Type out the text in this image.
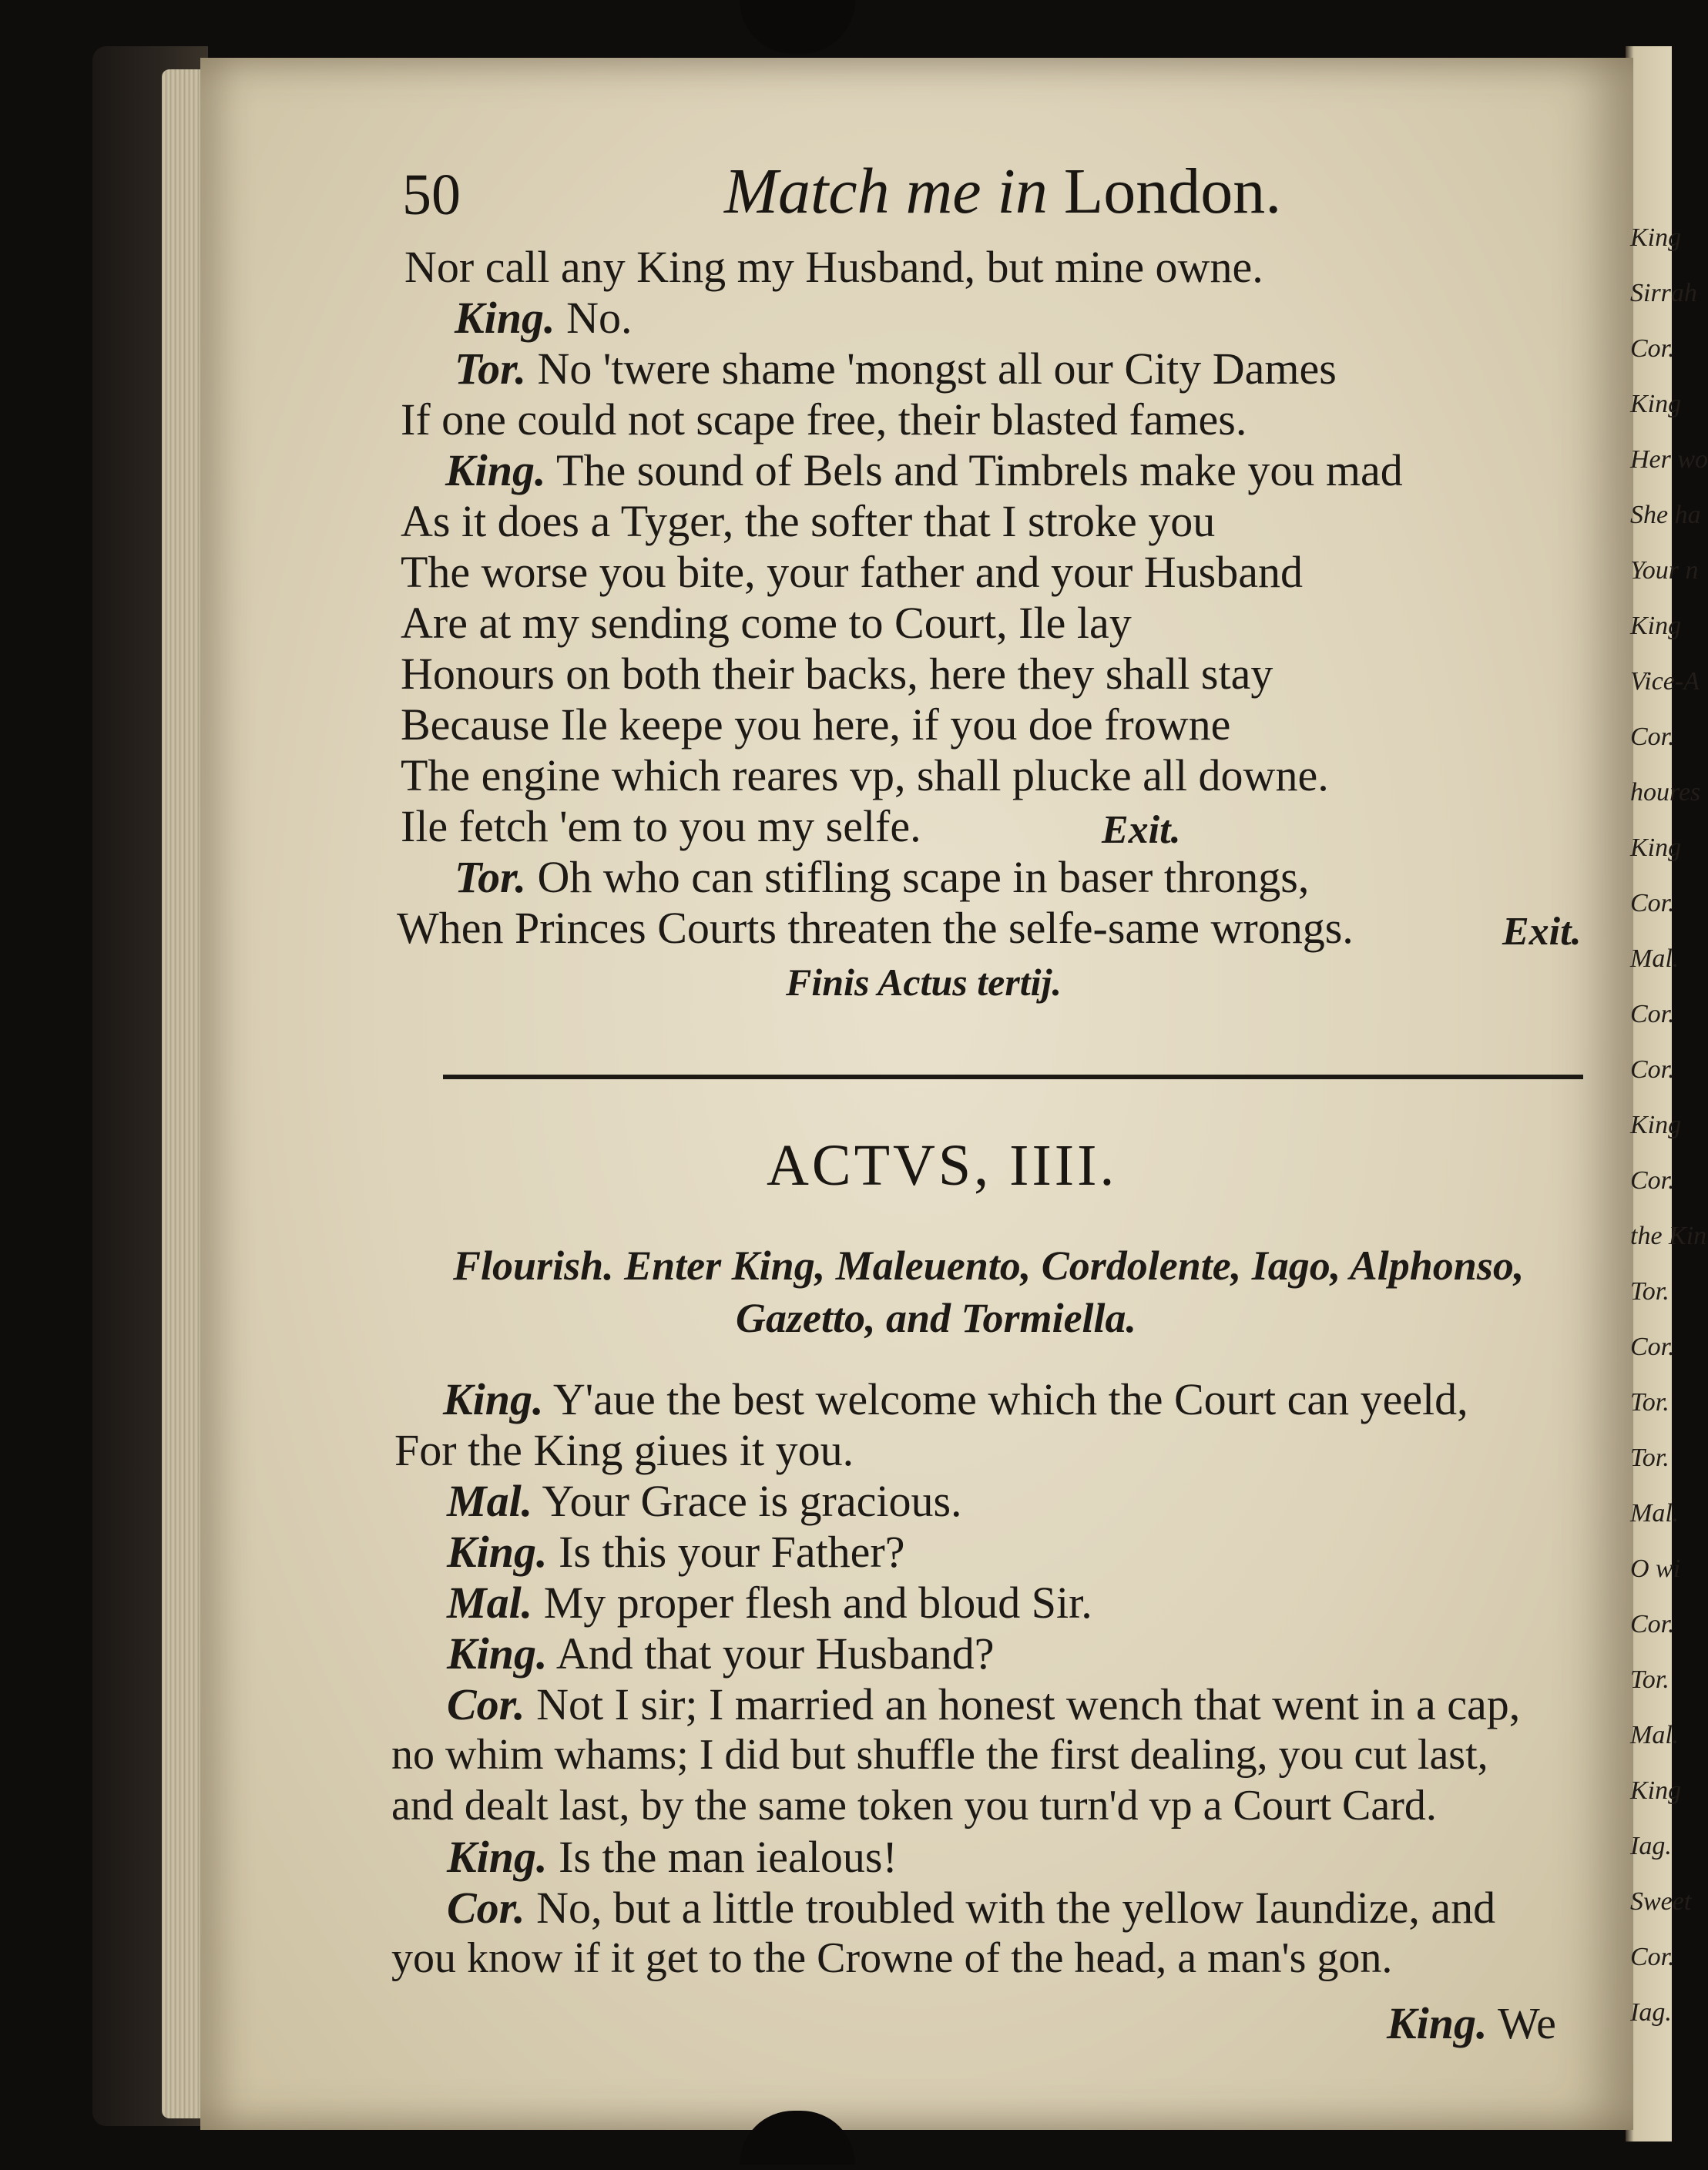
50	Match me in London.
Nor call any King my Husband, but mine owne.
King. No.
Tor. No 'twere shame 'mongst all our City Dames
If one could not scape free, their blasted fames.
King. The sound of Bels and Timbrels make you mad
As it does a Tyger, the softer that I stroke you
The worse you bite, your father and your Husband
Are at my sending come to Court, Ile lay
Honours on both their backs, here they shall stay
Because Ile keepe you here, if you doe frowne
The engine which reares vp, shall plucke all downe.
Ile fetch 'em to you my selfe.	Exit.
Tor. Oh who can stifling scape in baser throngs,
When Princes Courts threaten the selfe-same wrongs.	Exit.
Finis Actus tertij.
ACTVS, IIII.
Flourish. Enter King, Maleuento, Cordolente, Iago, Alphonso,
Gazetto, and Tormiella.
King. Y'aue the best welcome which the Court can yeeld,
For the King giues it you.
Mal. Your Grace is gracious.
King. Is this your Father?
Mal. My proper flesh and bloud Sir.
King. And that your Husband?
Cor. Not I sir; I married an honest wench that went in a cap,
no whim whams; I did but shuffle the first dealing, you cut last,
and dealt last, by the same token you turn'd vp a Court Card.
King. Is the man iealous!
Cor. No, but a little troubled with the yellow Iaundize, and
you know if it get to the Crowne of the head, a man's gon.
King. We
King
Sirrah
Cor.
King
Her wo
She ha
Your n
King
Vice-A
Cor.
houres
King
Cor.
Mal.
Cor.
Cor.
King
Cor.
the Kin
Tor.
Cor.
Tor.
Tor.
Mal.
O wi
Cor.
Tor.
Mal.
King
Iag.
Sweet
Cor.
Iag.
